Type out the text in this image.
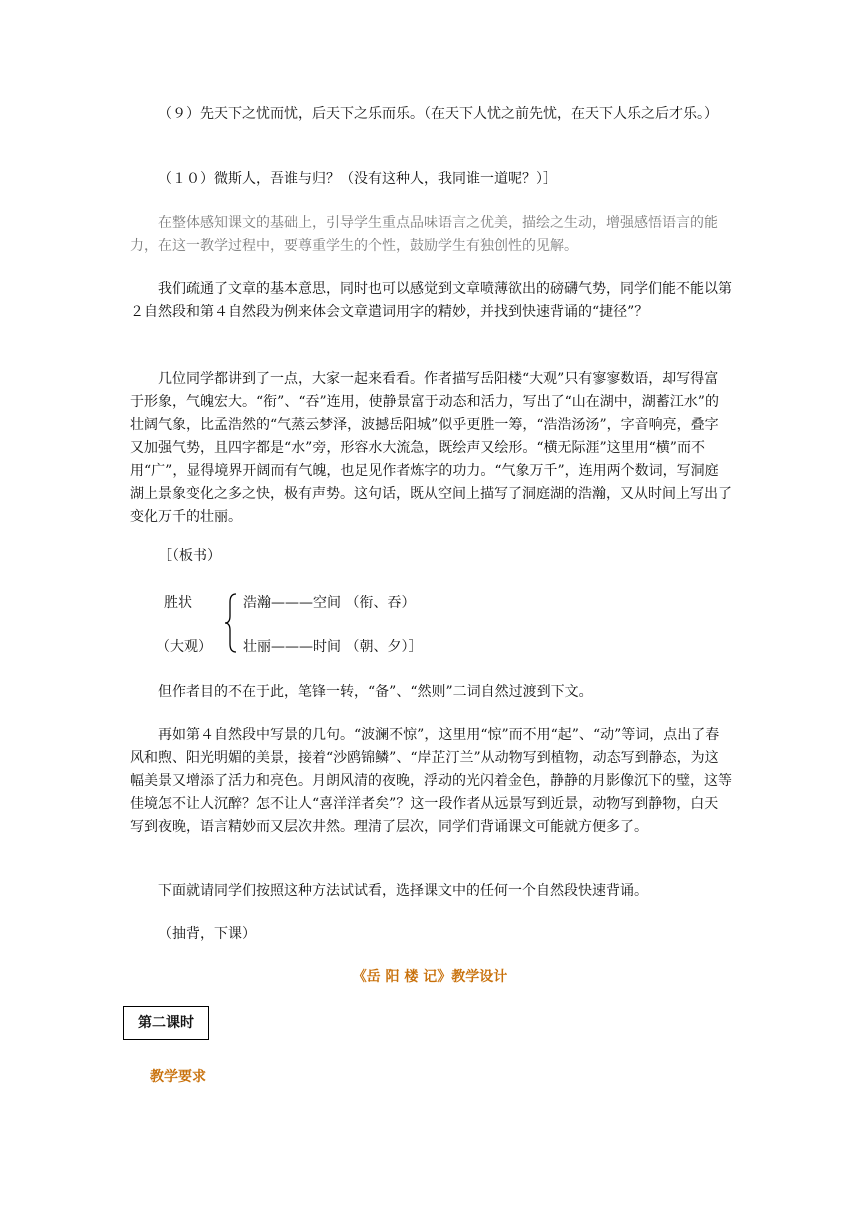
（９）先天下之忧而忧，后天下之乐而乐。（在天下人忧之前先忧，在天下人乐之后才乐。）

（１０）微斯人，吾谁与归？（没有这种人，我同谁一道呢？）］

在整体感知课文的基础上，引导学生重点品味语言之优美，描绘之生动，增强感悟语言的能力，在这一教学过程中，要尊重学生的个性，鼓励学生有独创性的见解。

我们疏通了文章的基本意思，同时也可以感觉到文章喷薄欲出的磅礴气势，同学们能不能以第２自然段和第４自然段为例来体会文章遣词用字的精妙，并找到快速背诵的“捷径”？

几位同学都讲到了一点，大家一起来看看。作者描写岳阳楼“大观”只有寥寥数语，却写得富于形象，气魄宏大。“衔”、“吞”连用，使静景富于动态和活力，写出了“山在湖中，湖蓄江水”的壮阔气象，比孟浩然的“气蒸云梦泽，波撼岳阳城”似乎更胜一筹，“浩浩汤汤”，字音响亮，叠字又加强气势，且四字都是“水”旁，形容水大流急，既绘声又绘形。“横无际涯”这里用“横”而不用“广”，显得境界开阔而有气魄，也足见作者炼字的功力。“气象万千”，连用两个数词，写洞庭湖上景象变化之多之快，极有声势。这句话，既从空间上描写了洞庭湖的浩瀚，又从时间上写出了变化万千的壮丽。

［（板书）

胜状
（大观）
浩瀚———空间 （衔、吞）
壮丽———时间 （朝、夕）］

但作者目的不在于此，笔锋一转，“备”、“然则”二词自然过渡到下文。

再如第４自然段中写景的几句。“波澜不惊”，这里用“惊”而不用“起”、“动”等词，点出了春风和煦、阳光明媚的美景，接着“沙鸥锦鳞”、“岸芷汀兰”从动物写到植物，动态写到静态，为这幅美景又增添了活力和亮色。月朗风清的夜晚，浮动的光闪着金色，静静的月影像沉下的璧，这等佳境怎不让人沉醉？怎不让人“喜洋洋者矣”？这一段作者从远景写到近景，动物写到静物，白天写到夜晚，语言精妙而又层次井然。理清了层次，同学们背诵课文可能就方便多了。

下面就请同学们按照这种方法试试看，选择课文中的任何一个自然段快速背诵。

（抽背，下课）

《岳 阳 楼 记》教学设计
第二课时
教学要求
